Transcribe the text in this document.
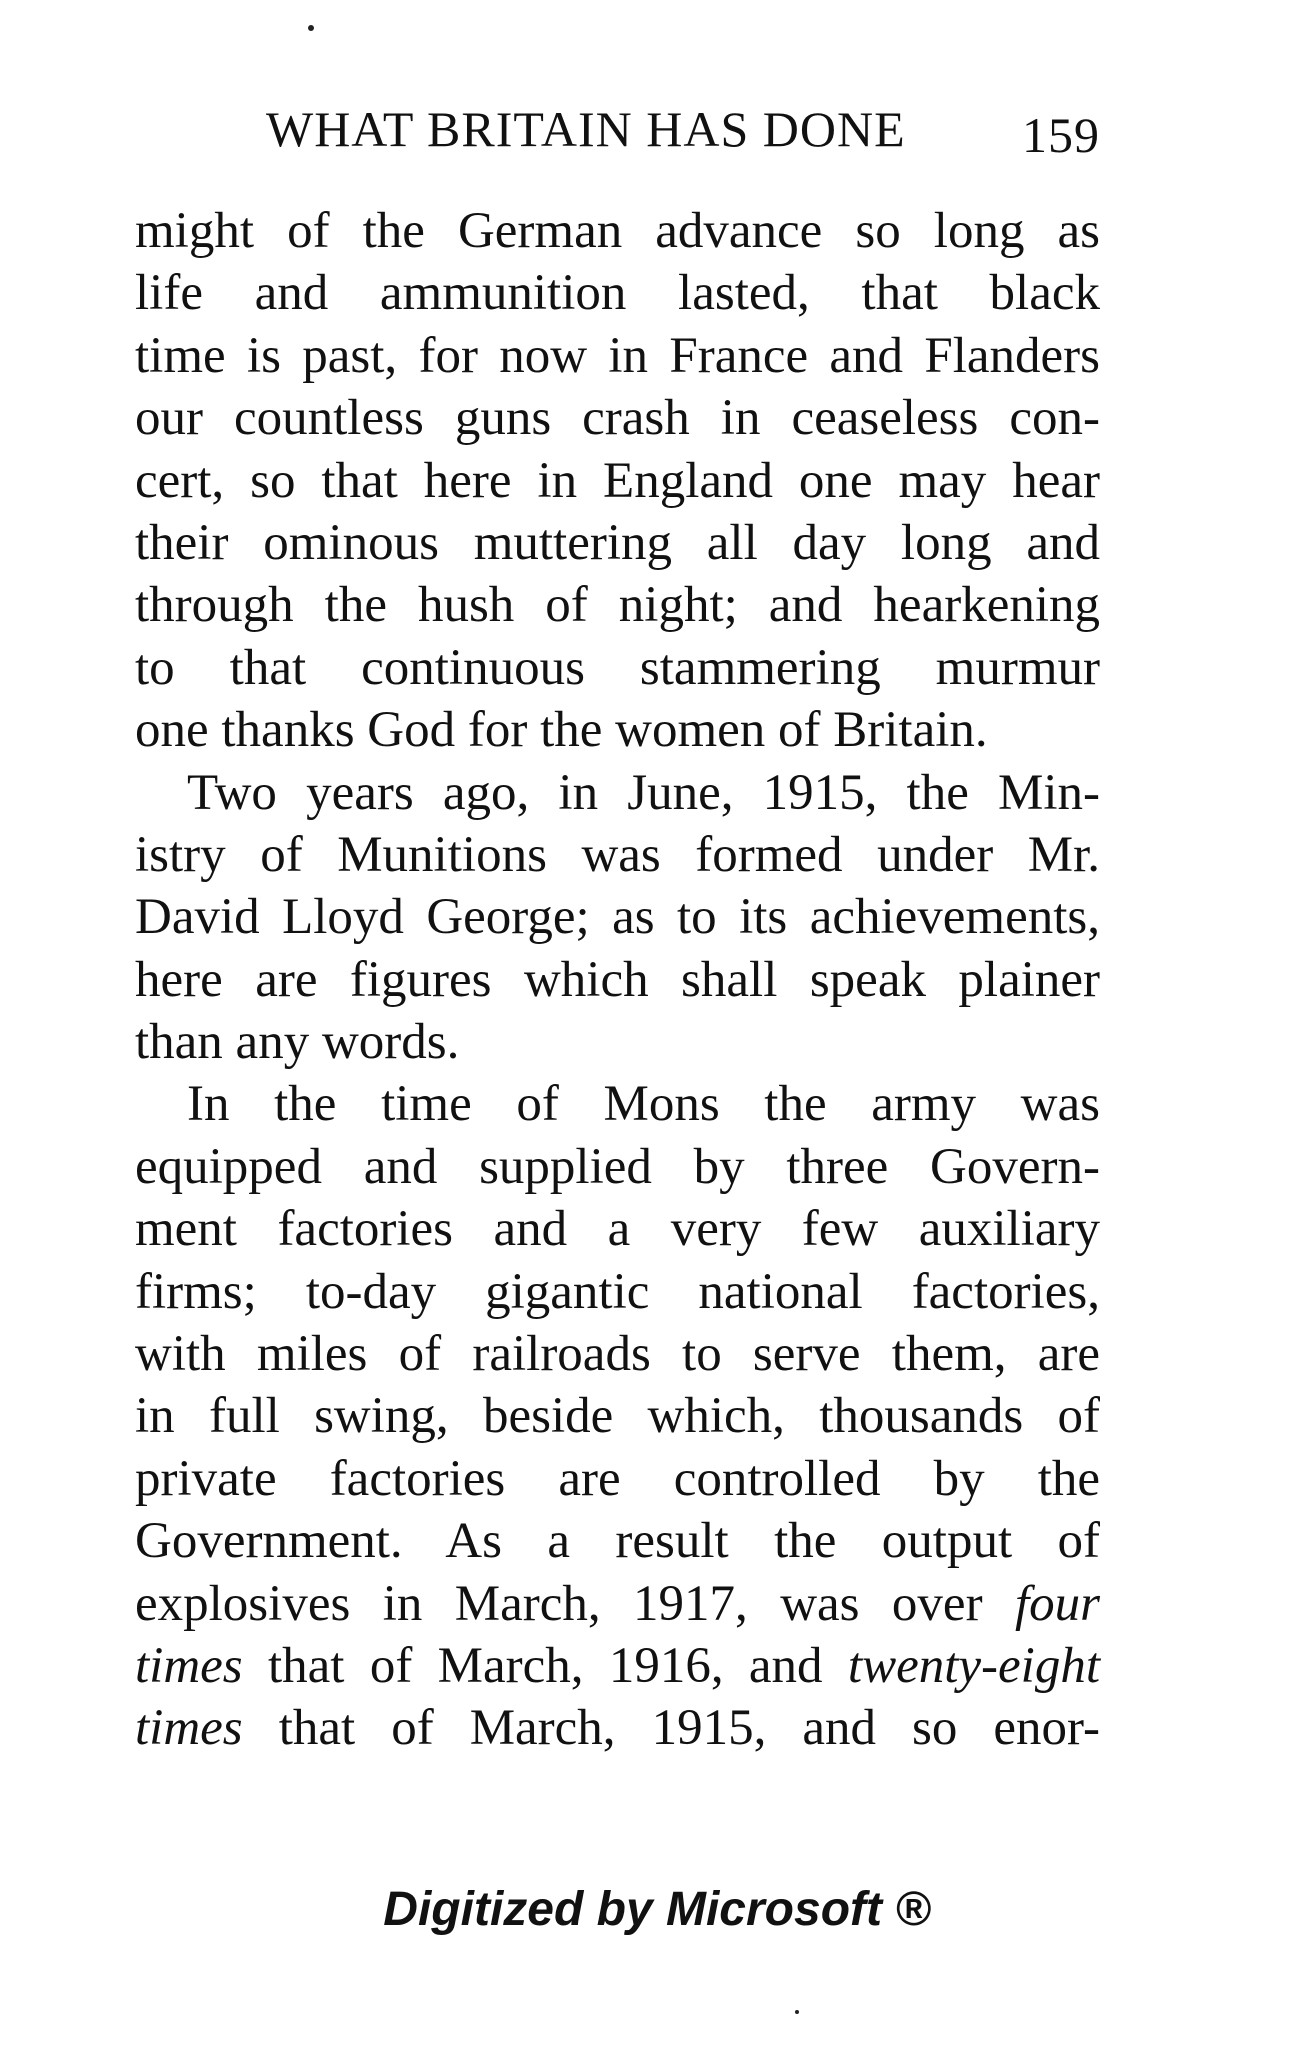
WHAT BRITAIN HAS DONE 159
might of the German advance so long as
life and ammunition lasted, that black
time is past, for now in France and Flanders
our countless guns crash in ceaseless con-
cert, so that here in England one may hear
their ominous muttering all day long and
through the hush of night; and hearkening
to that continuous stammering murmur
one thanks God for the women of Britain.
Two years ago, in June, 1915, the Min-
istry of Munitions was formed under Mr.
David Lloyd George; as to its achievements,
here are figures which shall speak plainer
than any words.
In the time of Mons the army was
equipped and supplied by three Govern-
ment factories and a very few auxiliary
firms; to-day gigantic national factories,
with miles of railroads to serve them, are
in full swing, beside which, thousands of
private factories are controlled by the
Government. As a result the output of
explosives in March, 1917, was over four
times that of March, 1916, and twenty-eight
times that of March, 1915, and so enor-
Digitized by Microsoft ®
